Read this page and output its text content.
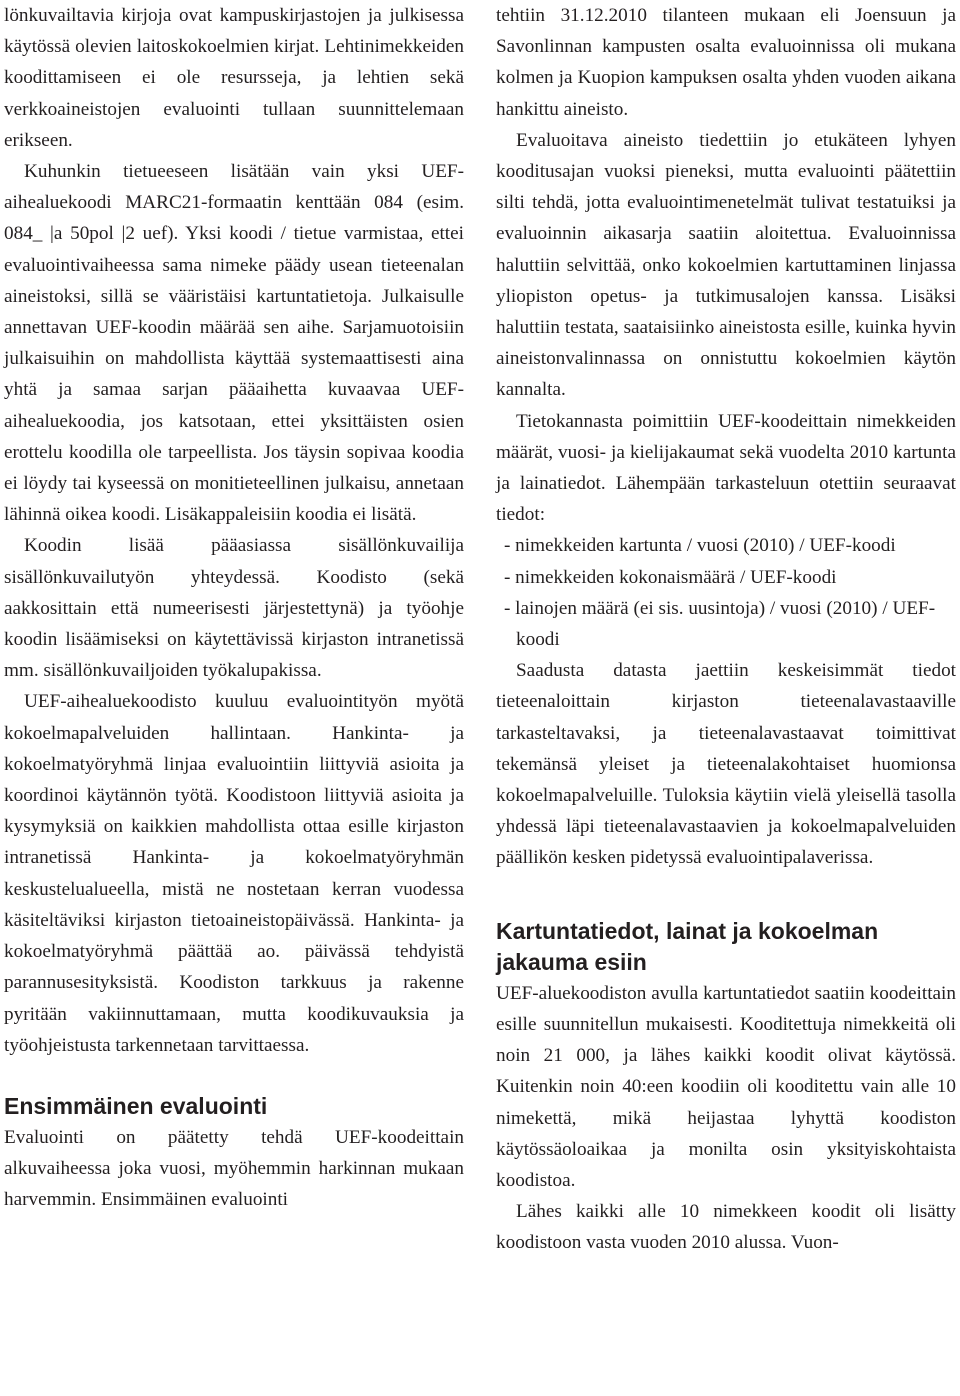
lönkuvailtavia kirjoja ovat kampuskirjastojen ja julkisessa käytössä olevien laitoskokoelmien kirjat. Lehtinimekkeiden koodittamiseen ei ole resursseja, ja lehtien sekä verkkoaineistojen evaluointi tullaan suunnittelemaan erikseen.

Kuhunkin tietueeseen lisätään vain yksi UEF-aihealuekoodi MARC21-formaatin kenttään 084 (esim. 084_ |a 50pol |2 uef). Yksi koodi / tietue varmistaa, ettei evaluointivaiheessa sama nimeke päädy usean tieteenalan aineistoksi, sillä se vääristäisi kartuntatietoja. Julkaisulle annettavan UEF-koodin määrää sen aihe. Sarjamuotoisiin julkaisuihin on mahdollista käyttää systemaattisesti aina yhtä ja samaa sarjan pääaihetta kuvaavaa UEF-aihealuekoodia, jos katsotaan, ettei yksittäisten osien erottelu koodilla ole tarpeellista. Jos täysin sopivaa koodia ei löydy tai kyseessä on monitieteellinen julkaisu, annetaan lähinnä oikea koodi. Lisäkappaleisiin koodia ei lisätä.

Koodin lisää pääasiassa sisällönkuvailija sisällönkuvailutyön yhteydessä. Koodisto (sekä aakkosittain että numeerisesti järjestettynä) ja työohje koodin lisäämiseksi on käytettävissä kirjaston intranetissä mm. sisällönkuvailjoiden työkalupakissa.

UEF-aihealuekoodisto kuuluu evaluointityön myötä kokoelmapalveluiden hallintaan. Hankinta- ja kokoelmatyöryhmä linjaa evaluointiin liittyviä asioita ja koordinoi käytännön työtä. Koodistoon liittyviä asioita ja kysymyksiä on kaikkien mahdollista ottaa esille kirjaston intranetissä Hankinta- ja kokoelmatyöryhmän keskustelualueella, mistä ne nostetaan kerran vuodessa käsiteltäviksi kirjaston tietoaineistopäivässä. Hankinta- ja kokoelmatyöryhmä päättää ao. päivässä tehdyistä parannusesityksistä. Koodiston tarkkuus ja rakenne pyritään vakiinnuttamaan, mutta koodikuvauksia ja työohjeistusta tarkennetaan tarvittaessa.

Ensimmäinen evaluointi

Evaluointi on päätetty tehdä UEF-koodeittain alkuvaiheessa joka vuosi, myöhemmin harkinnan mukaan harvemmin. Ensimmäinen evaluointi

tehtiin 31.12.2010 tilanteen mukaan eli Joensuun ja Savonlinnan kampusten osalta evaluoinnissa oli mukana kolmen ja Kuopion kampuksen osalta yhden vuoden aikana hankittu aineisto.

Evaluoitava aineisto tiedettiin jo etukäteen lyhyen kooditusajan vuoksi pieneksi, mutta evaluointi päätettiin silti tehdä, jotta evaluointimenetelmät tulivat testatuiksi ja evaluoinnin aikasarja saatiin aloitettua. Evaluoinnissa haluttiin selvittää, onko kokoelmien kartuttaminen linjassa yliopiston opetus- ja tutkimusalojen kanssa. Lisäksi haluttiin testata, saataisiinko aineistosta esille, kuinka hyvin aineistonvalinnassa on onnistuttu kokoelmien käytön kannalta.

Tietokannasta poimittiin UEF-koodeittain nimekkeiden määrät, vuosi- ja kielijakaumat sekä vuodelta 2010 kartunta ja lainatiedot. Lähempään tarkasteluun otettiin seuraavat tiedot:

- nimekkeiden kartunta / vuosi (2010) / UEF-koodi

- nimekkeiden kokonaismäärä / UEF-koodi

- lainojen määrä (ei sis. uusintoja) / vuosi (2010) / UEF-koodi

Saadusta datasta jaettiin keskeisimmät tiedot tieteenaloittain kirjaston tieteenalavastaaville tarkasteltavaksi, ja tieteenalavastaavat toimittivat tekemänsä yleiset ja tieteenalakohtaiset huomionsa kokoelmapalveluille. Tuloksia käytiin vielä yleisellä tasolla yhdessä läpi tieteenalavastaavien ja kokoelmapalveluiden päällikön kesken pidetyssä evaluointipalaverissa.

Kartuntatiedot, lainat ja kokoelman jakauma esiin

UEF-aluekoodiston avulla kartuntatiedot saatiin koodeittain esille suunnitellun mukaisesti. Kooditettuja nimekkeitä oli noin 21 000, ja lähes kaikki koodit olivat käytössä. Kuitenkin noin 40:een koodiin oli kooditettu vain alle 10 nimekettä, mikä heijastaa lyhyttä koodiston käytössäoloaikaa ja monilta osin yksityiskohtaista koodistoa.

Lähes kaikki alle 10 nimekkeen koodit oli lisätty koodistoon vasta vuoden 2010 alussa. Vuon-
